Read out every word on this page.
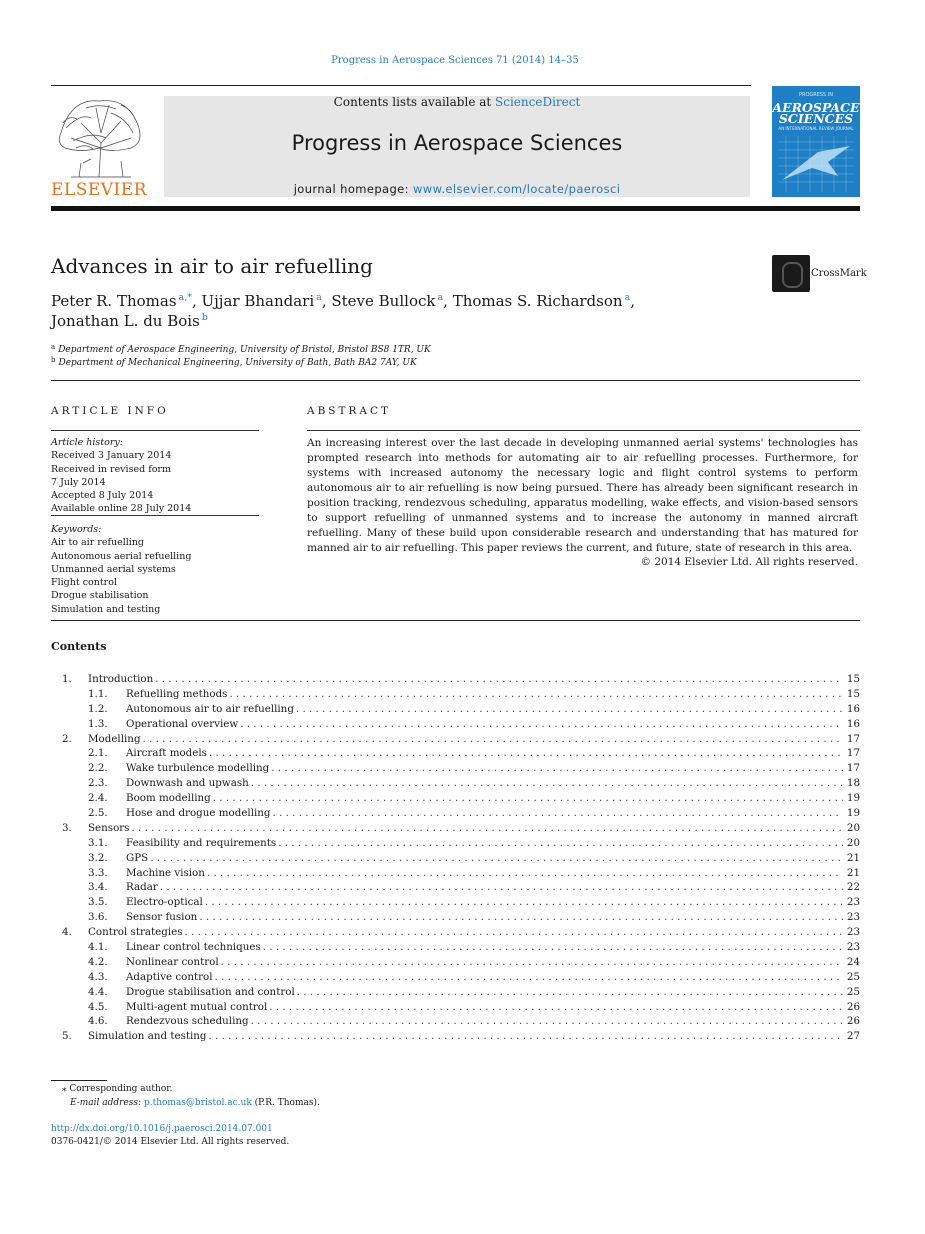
Progress in Aerospace Sciences 71 (2014) 14–35
ELSEVIER
Contents lists available at ScienceDirect
Progress in Aerospace Sciences
journal homepage: www.elsevier.com/locate/paerosci
PROGRESS IN
AEROSPACE
SCIENCES
AN INTERNATIONAL REVIEW JOURNAL
Advances in air to air refuelling	CrossMark
Peter R. Thomas $^{a,*}$, Ujjar Bhandari $^a$, Steve Bullock $^a$, Thomas S. Richardson $^a$,
Jonathan L. du Bois $^b$
$^a$ Department of Aerospace Engineering, University of Bristol, Bristol BS8 1TR, UK
$^b$ Department of Mechanical Engineering, University of Bath, Bath BA2 7AY, UK
ARTICLE INFO
Article history:
Received 3 January 2014
Received in revised form
7 July 2014
Accepted 8 July 2014
Available online 28 July 2014
Keywords:
Air to air refuelling
Autonomous aerial refuelling
Unmanned aerial systems
Flight control
Drogue stabilisation
Simulation and testing
ABSTRACT
An increasing interest over the last decade in developing unmanned aerial systems' technologies has prompted research into methods for automating air to air refuelling processes. Furthermore, for systems with increased autonomy the necessary logic and flight control systems to perform autonomous air to air refuelling is now being pursued. There has already been significant research in position tracking, rendezvous scheduling, apparatus modelling, wake effects, and vision-based sensors to support refuelling of unmanned systems and to increase the autonomy in manned aircraft refuelling. Many of these build upon considerable research and understanding that has matured for manned air to air refuelling. This paper reviews the current, and future, state of research in this area.
© 2014 Elsevier Ltd. All rights reserved.
Contents
1.	Introduction . . .	15
1.1.	Refuelling methods . . .	15
1.2.	Autonomous air to air refuelling . . .	16
1.3.	Operational overview . . .	16
2.	Modelling . . .	17
2.1.	Aircraft models . . .	17
2.2.	Wake turbulence modelling . . .	17
2.3.	Downwash and upwash . . .	18
2.4.	Boom modelling . . .	19
2.5.	Hose and drogue modelling . . .	19
3.	Sensors . . .	20
3.1.	Feasibility and requirements . . .	20
3.2.	GPS . . .	21
3.3.	Machine vision . . .	21
3.4.	Radar . . .	22
3.5.	Electro-optical . . .	23
3.6.	Sensor fusion . . .	23
4.	Control strategies . . .	23
4.1.	Linear control techniques . . .	23
4.2.	Nonlinear control . . .	24
4.3.	Adaptive control . . .	25
4.4.	Drogue stabilisation and control . . .	25
4.5.	Multi-agent mutual control . . .	26
4.6.	Rendezvous scheduling . . .	26
5.	Simulation and testing . . .	27
⁎ Corresponding author.
E-mail address: p.thomas@bristol.ac.uk (P.R. Thomas).
http://dx.doi.org/10.1016/j.paerosci.2014.07.001
0376-0421/© 2014 Elsevier Ltd. All rights reserved.
